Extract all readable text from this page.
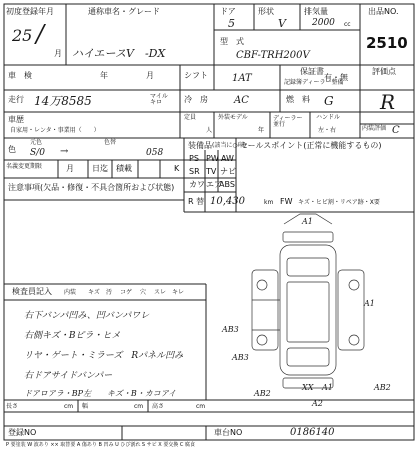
初度登録年月
25 /
月
通称車名・グレード
ハイエースV　-DX
ドア
5
形状
V
排気量
2000 cc
型　式
CBF-TRH200V
出品NO.
2510
車　検	年	月	シフト 1AT
保証書
記録簿ディーラー整備
有・無
評価点
R
走行 14万8585	マイル
キロ	冷　房	AC	燃　料 G
車歴
自家用・レンタ・事業用（　　）
定員
人
外装モデル
年
ディーラー並行
ハンドル
左・右	内装評価 C
色
元色
S/0 →
色替
058
名義変更期限	月 日迄 積載	K
注意事項(欠品・修復・不具合箇所および状態)
装備品 (該当に○印)
セールスポイント(正常に機能するもの)
PS PW AW
SR TV ナビ
カワ エア
ABS
R 替 10,430	km FW キズ・ヒビ割・リペア跡・X要
検査員記入 内装 キズ 汚 コゲ 穴 スレ キレ
右下バンパ凹み、凹バンパワレ
右側キズ・Bピラ・ヒメ
リヤ・ゲート・ミラーズ　Rパネル凹み
右ドアサイドバンパー
ドアロアラ・BP左　　キズ・B・カコアイ
A1
AB3
AB3
A1
AB2
AB2
XX A1
A2
長さ	cm 幅	cm 高さ	cm
登録NO	車台NO	0186140
P 要塗装 W 波あり ×× 取替要 A 傷あり B 凹み U ひび割れ S サビ X 要交換 C 腐食
